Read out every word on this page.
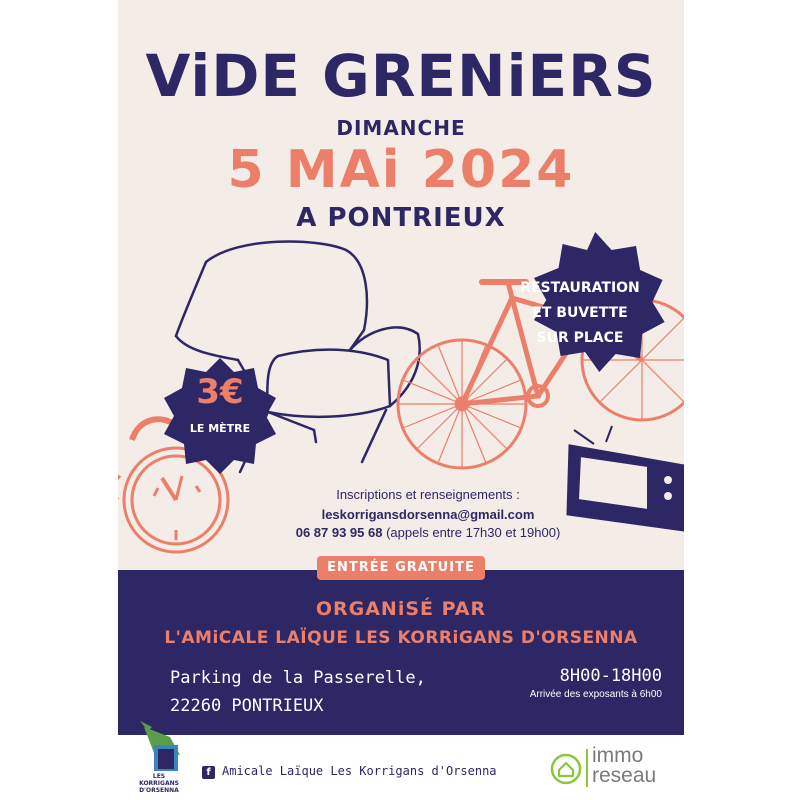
ViDE GRENiERS
DIMANCHE
5 MAi 2024
A PONTRIEUX
RESTAURATION
ET BUVETTE
SUR PLACE
3€
LE MÈTRE
Inscriptions et renseignements :
leskorrigansdorsenna@gmail.com
06 87 93 95 68 (appels entre 17h30 et 19h00)
ENTRÉE GRATUITE
ORGANiSÉ PAR
L'AMiCALE LAÏQUE LES KORRiGANS D'ORSENNA
Parking de la Passerelle,
22260 PONTRIEUX
8H00-18H00
Arrivée des exposants à 6h00
LES
KORRIGANS
D'ORSENNA
f Amicale Laïque Les Korrigans d'Orsenna
immo
reseau
